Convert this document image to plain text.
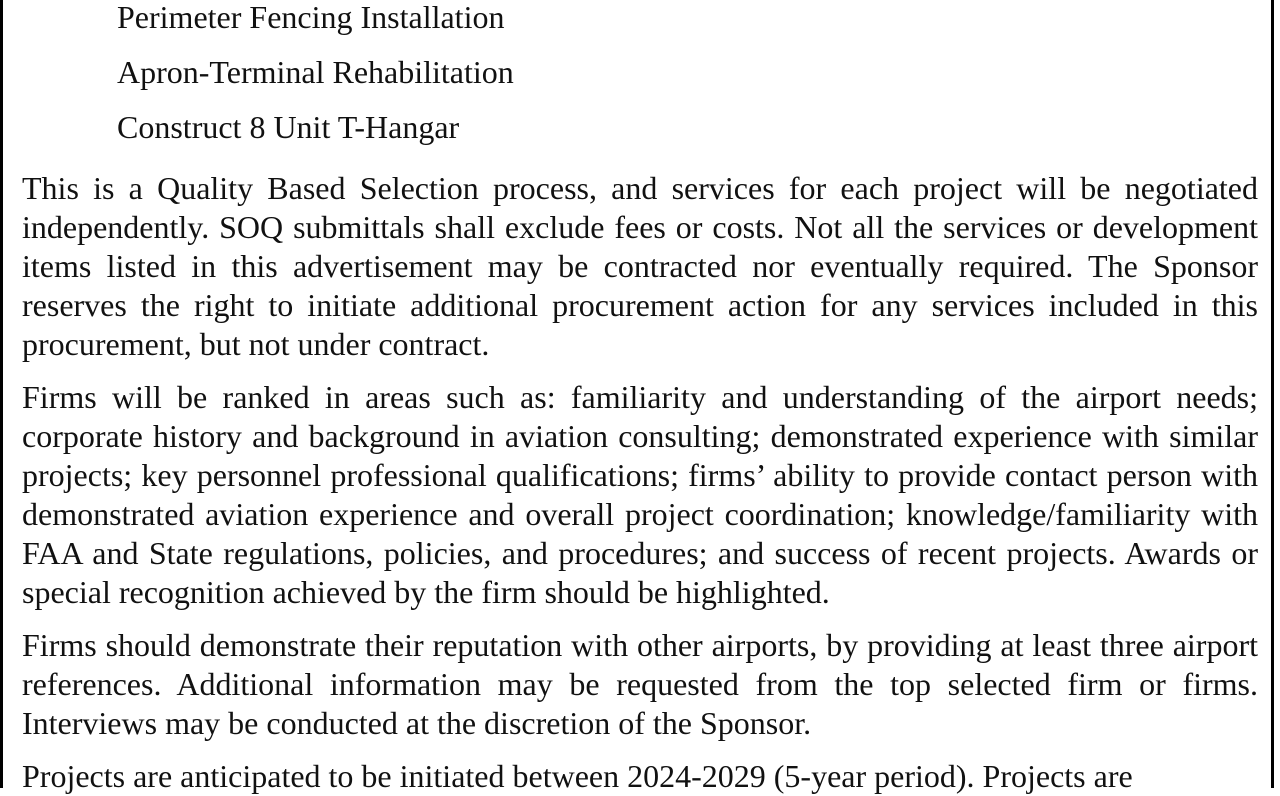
Perimeter Fencing Installation

Apron-Terminal Rehabilitation

Construct 8 Unit T-Hangar

This is a Quality Based Selection process, and services for each project will be negotiated independently. SOQ submittals shall exclude fees or costs. Not all the services or development items listed in this advertisement may be contracted nor eventually required. The Sponsor reserves the right to initiate additional procurement action for any services included in this procurement, but not under contract.

Firms will be ranked in areas such as: familiarity and understanding of the airport needs; corporate history and background in aviation consulting; demonstrated experience with similar projects; key personnel professional qualifications; firms’ ability to provide contact person with demonstrated aviation experience and overall project coordination; knowledge/familiarity with FAA and State regulations, policies, and procedures; and success of recent projects. Awards or special recognition achieved by the firm should be highlighted.

Firms should demonstrate their reputation with other airports, by providing at least three airport references. Additional information may be requested from the top selected firm or firms. Interviews may be conducted at the discretion of the Sponsor.

Projects are anticipated to be initiated between 2024-2029 (5-year period). Projects are
